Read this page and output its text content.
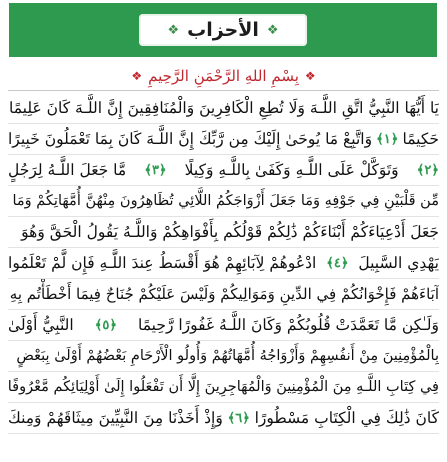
❖ الأحزاب ❖
❖
بِسْمِ اللهِ الرَّحْمَنِ الرَّحِيمِ
❖
يَا أَيُّهَا النَّبِيُّ اتَّقِ اللَّـهَ وَلَا تُطِعِ الْكَافِرِينَ وَالْمُنَافِقِينَ إِنَّ اللَّـهَ كَانَ عَلِيمًا
حَكِيمًا
﴿١﴾
وَاتَّبِعْ مَا يُوحَىٰ إِلَيْكَ مِن رَّبِّكَ إِنَّ اللَّـهَ كَانَ بِمَا تَعْمَلُونَ خَبِيرًا
﴿٢﴾
وَتَوَكَّلْ عَلَى اللَّـهِ وَكَفَىٰ بِاللَّـهِ وَكِيلًا
﴿٣﴾
مَّا جَعَلَ اللَّـهُ لِرَجُلٍ
مِّن قَلْبَيْنِ فِي جَوْفِهِ وَمَا جَعَلَ أَزْوَاجَكُمُ اللَّائِي تُظَاهِرُونَ مِنْهُنَّ أُمَّهَاتِكُمْ وَمَا
جَعَلَ أَدْعِيَاءَكُمْ أَبْنَاءَكُمْ ذَٰلِكُمْ قَوْلُكُم بِأَفْوَاهِكُمْ وَاللَّـهُ يَقُولُ الْحَقَّ وَهُوَ
يَهْدِي السَّبِيلَ
﴿٤﴾
ادْعُوهُمْ لِآبَائِهِمْ هُوَ أَقْسَطُ عِندَ اللَّـهِ فَإِن لَّمْ تَعْلَمُوا
آبَاءَهُمْ فَإِخْوَانُكُمْ فِي الدِّينِ وَمَوَالِيكُمْ وَلَيْسَ عَلَيْكُمْ جُنَاحٌ فِيمَا أَخْطَأْتُم بِهِ
وَلَـٰكِن مَّا تَعَمَّدَتْ قُلُوبُكُمْ وَكَانَ اللَّـهُ غَفُورًا رَّحِيمًا
﴿٥﴾
النَّبِيُّ أَوْلَىٰ
بِالْمُؤْمِنِينَ مِنْ أَنفُسِهِمْ وَأَزْوَاجُهُ أُمَّهَاتُهُمْ وَأُولُو الْأَرْحَامِ بَعْضُهُمْ أَوْلَىٰ بِبَعْضٍ
فِي كِتَابِ اللَّـهِ مِنَ الْمُؤْمِنِينَ وَالْمُهَاجِرِينَ إِلَّا أَن تَفْعَلُوا إِلَىٰ أَوْلِيَائِكُم مَّعْرُوفًا
كَانَ ذَٰلِكَ فِي الْكِتَابِ مَسْطُورًا
﴿٦﴾
وَإِذْ أَخَذْنَا مِنَ النَّبِيِّينَ مِيثَاقَهُمْ وَمِنكَ
